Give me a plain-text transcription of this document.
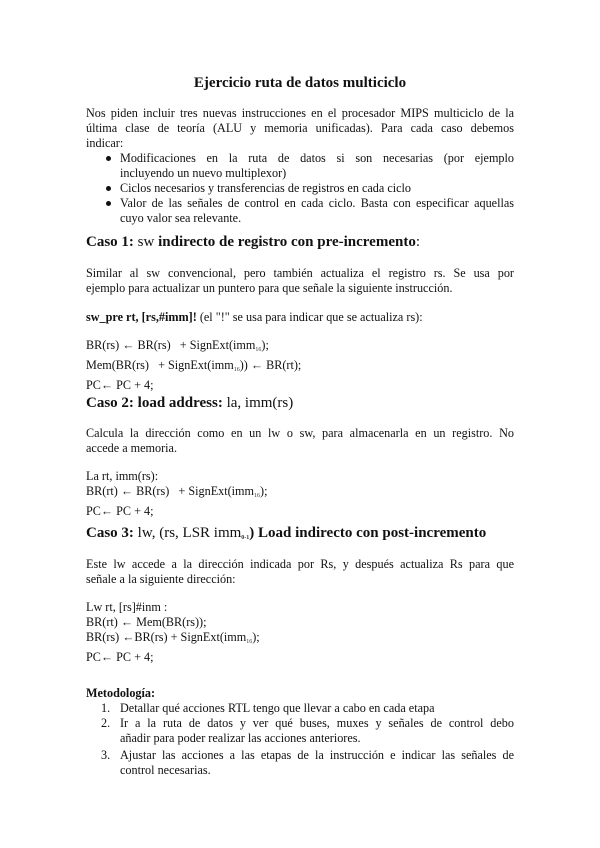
Ejercicio ruta de datos multiciclo
Nos piden incluir tres nuevas instrucciones en el procesador MIPS multiciclo de la
última clase de teoría (ALU y memoria unificadas). Para cada caso debemos
indicar:
Modificaciones en la ruta de datos si son necesarias (por ejemplo
incluyendo un nuevo multiplexor)
Ciclos necesarios y transferencias de registros en cada ciclo
Valor de las señales de control en cada ciclo. Basta con especificar aquellas
cuyo valor sea relevante.
Caso 1: sw indirecto de registro con pre-incremento:
Similar al sw convencional, pero también actualiza el registro rs. Se usa por
ejemplo para actualizar un puntero para que señale la siguiente instrucción.
sw_pre rt, [rs,#imm]! (el "!" se usa para indicar que se actualiza rs):
BR(rs) ← BR(rs)   + SignExt(imm$_{16}$);
Mem(BR(rs)   + SignExt(imm$_{16}$)) ← BR(rt);
PC← PC + 4;
Caso 2: load address: la, imm(rs)
Calcula la dirección como en un lw o sw, para almacenarla en un registro. No
accede a memoria.
La rt, imm(rs):
BR(rt) ← BR(rs)   + SignExt(imm$_{16}$);
PC← PC + 4;
Caso 3: lw, (rs, LSR imm$_{0-1}$) Load indirecto con post-incremento
Este lw accede a la dirección indicada por Rs, y después actualiza Rs para que
señale a la siguiente dirección:
Lw rt, [rs]#inm :
BR(rt) ← Mem(BR(rs));
BR(rs) ←BR(rs) + SignExt(imm$_{16}$);
PC← PC + 4;
Metodología:
1. Detallar qué acciones RTL tengo que llevar a cabo en cada etapa
2. Ir a la ruta de datos y ver qué buses, muxes y señales de control debo
añadir para poder realizar las acciones anteriores.
3. Ajustar las acciones a las etapas de la instrucción e indicar las señales de
control necesarias.
